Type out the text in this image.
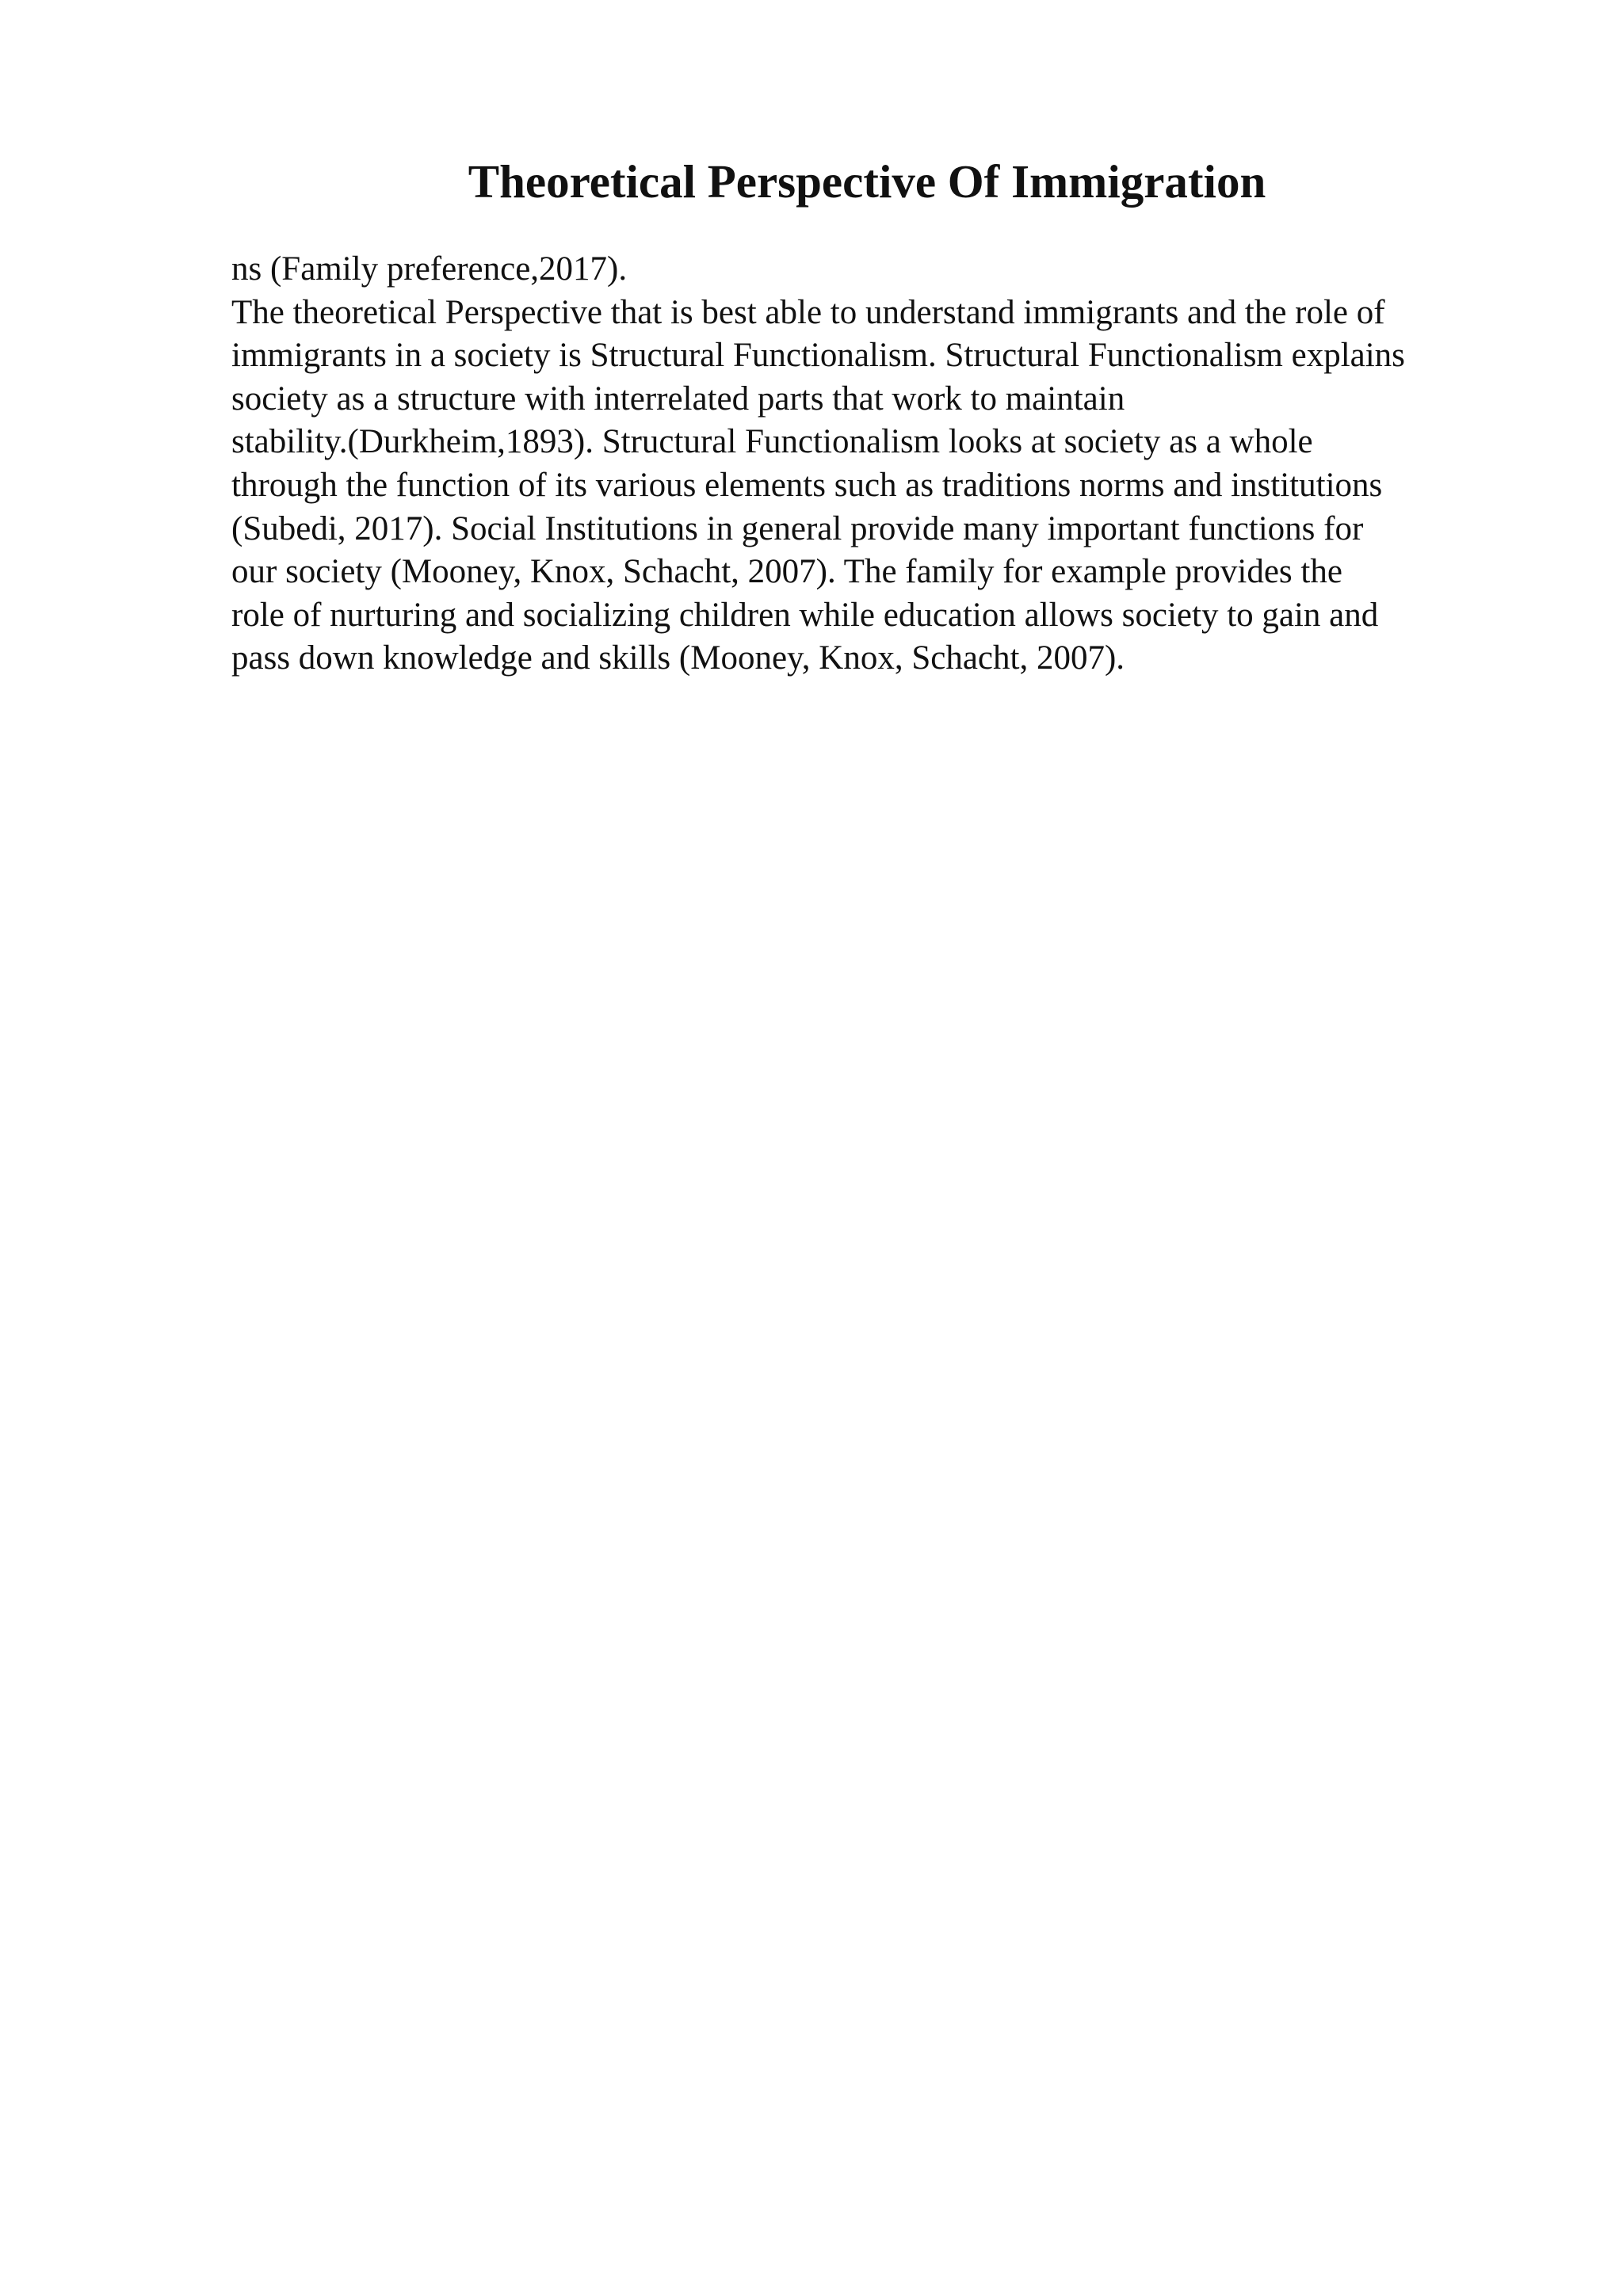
Theoretical Perspective Of Immigration
ns (Family preference,2017).
The theoretical Perspective that is best able to understand immigrants and the role of
immigrants in a society is Structural Functionalism. Structural Functionalism explains
society as a structure with interrelated parts that work to maintain
stability.(Durkheim,1893). Structural Functionalism looks at society as a whole
through the function of its various elements such as traditions norms and institutions
(Subedi, 2017). Social Institutions in general provide many important functions for
our society (Mooney, Knox, Schacht, 2007). The family for example provides the
role of nurturing and socializing children while education allows society to gain and
pass down knowledge and skills (Mooney, Knox, Schacht, 2007).
